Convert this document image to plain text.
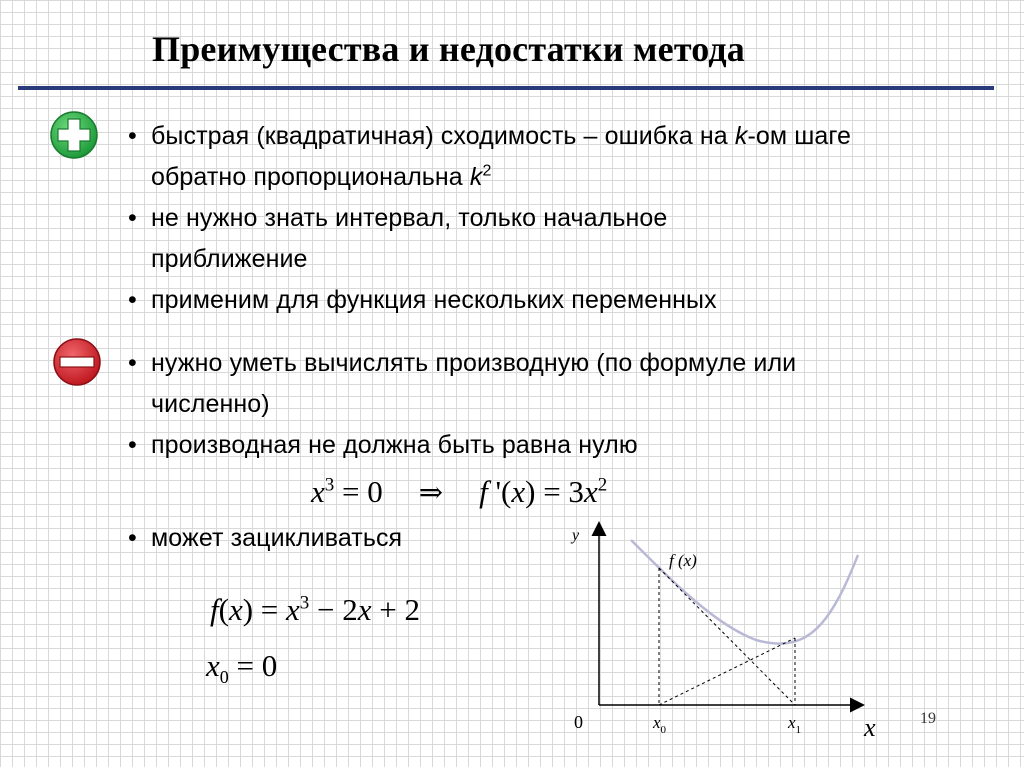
Преимущества и недостатки метода
• быстрая (квадратичная) сходимость – ошибка на k-ом шаге обратно пропорциональна $k^2$
• не нужно знать интервал, только начальное приближение
• применим для функция нескольких переменных
• нужно уметь вычислять производную (по формуле или численно)
• производная не должна быть равна нулю
$x^3 = 0$ ⇒ f '$(x) = 3x^2$
• может зацикливаться
$f(x) = x^3 - 2x + 2$
$x_0 = 0$
y
x
0
f (x)
$x_0$	$x_1$
19
